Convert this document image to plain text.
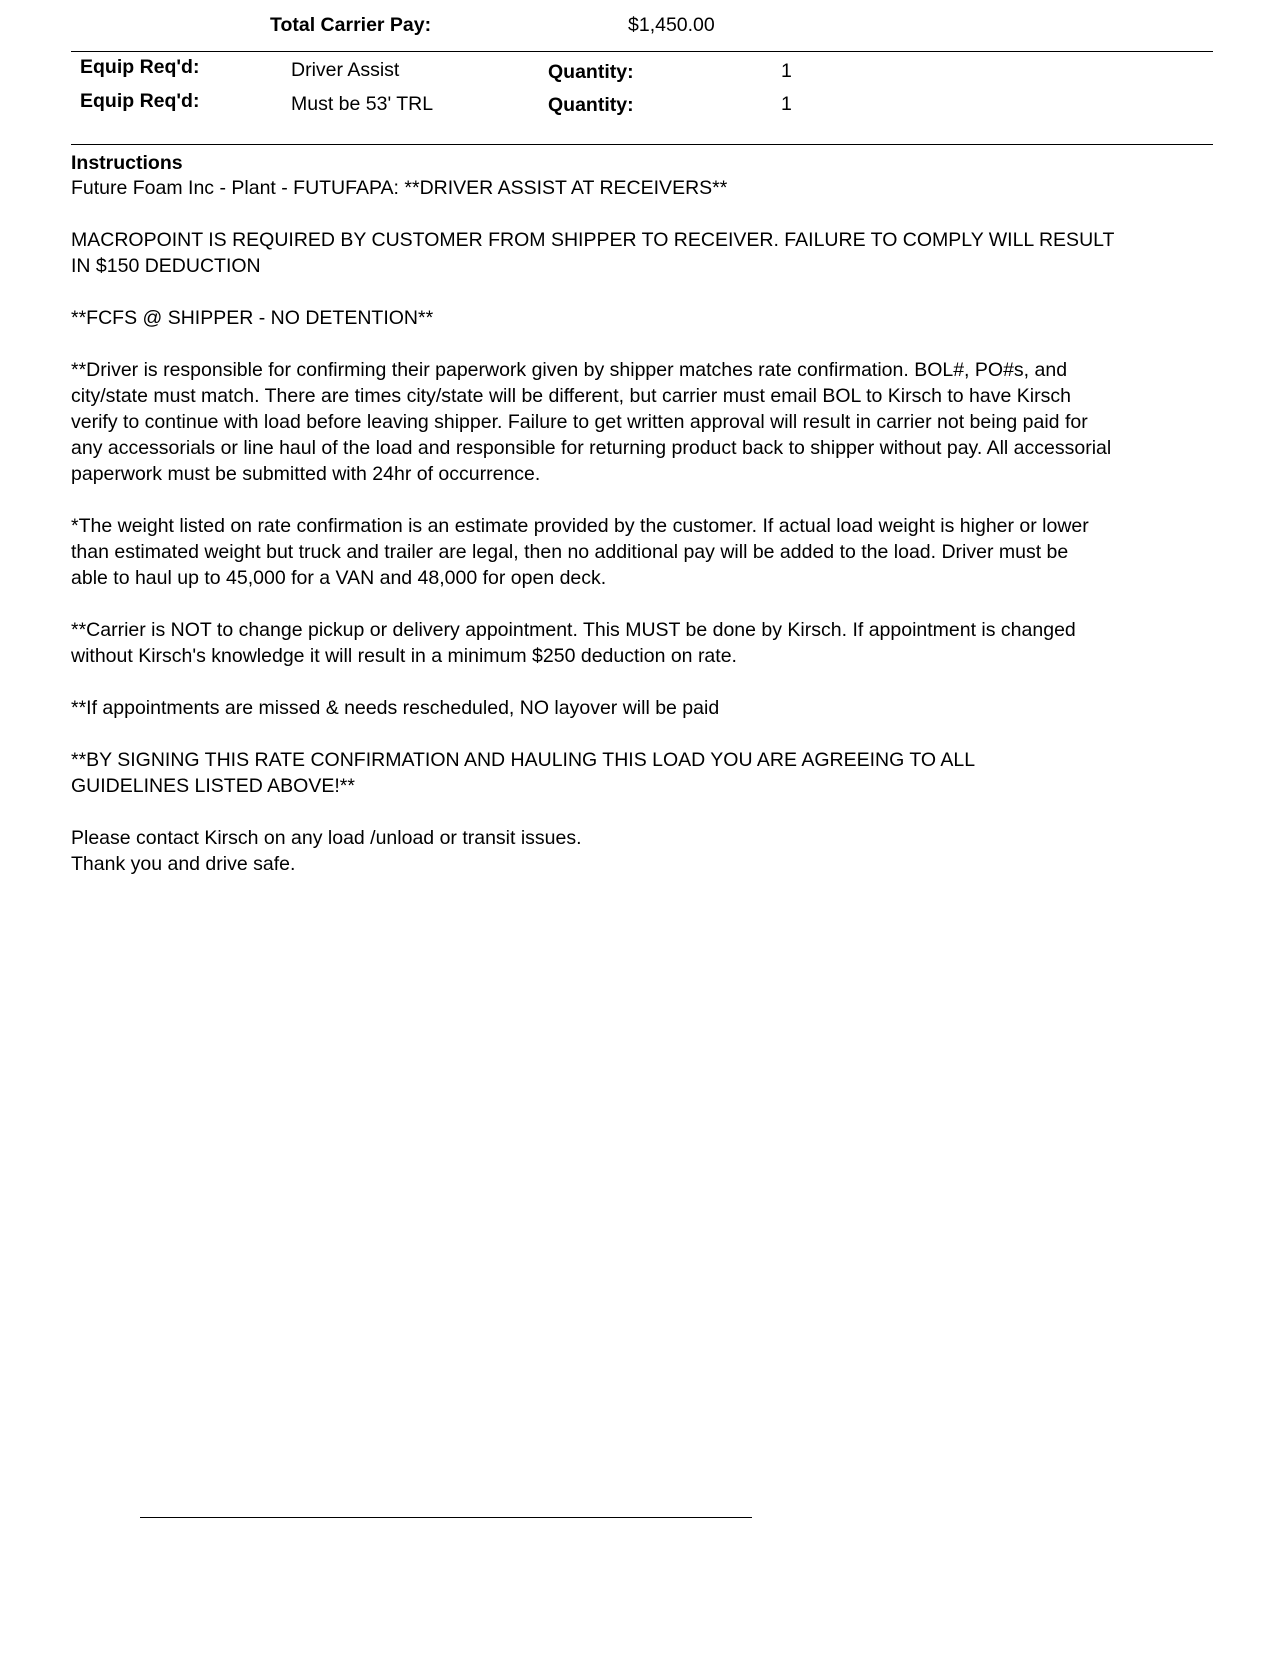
Total Carrier Pay:	$1,450.00
Equip Req'd:	Driver Assist	Quantity:	1
Equip Req'd:	Must be 53' TRL	Quantity:	1
Instructions

Future Foam Inc - Plant - FUTUFAPA: **DRIVER ASSIST AT RECEIVERS**

MACROPOINT IS REQUIRED BY CUSTOMER FROM SHIPPER TO RECEIVER. FAILURE TO COMPLY WILL RESULT IN $150 DEDUCTION

**FCFS @ SHIPPER - NO DETENTION**

**Driver is responsible for confirming their paperwork given by shipper matches rate confirmation. BOL#, PO#s, and city/state must match. There are times city/state will be different, but carrier must email BOL to Kirsch to have Kirsch verify to continue with load before leaving shipper. Failure to get written approval will result in carrier not being paid for any accessorials or line haul of the load and responsible for returning product back to shipper without pay. All accessorial paperwork must be submitted with 24hr of occurrence.

*The weight listed on rate confirmation is an estimate provided by the customer. If actual load weight is higher or lower than estimated weight but truck and trailer are legal, then no additional pay will be added to the load. Driver must be able to haul up to 45,000 for a VAN and 48,000 for open deck.

**Carrier is NOT to change pickup or delivery appointment. This MUST be done by Kirsch. If appointment is changed without Kirsch's knowledge it will result in a minimum $250 deduction on rate.

**If appointments are missed & needs rescheduled, NO layover will be paid

**BY SIGNING THIS RATE CONFIRMATION AND HAULING THIS LOAD YOU ARE AGREEING TO ALL GUIDELINES LISTED ABOVE!**

Please contact Kirsch on any load /unload or transit issues.

Thank you and drive safe.
